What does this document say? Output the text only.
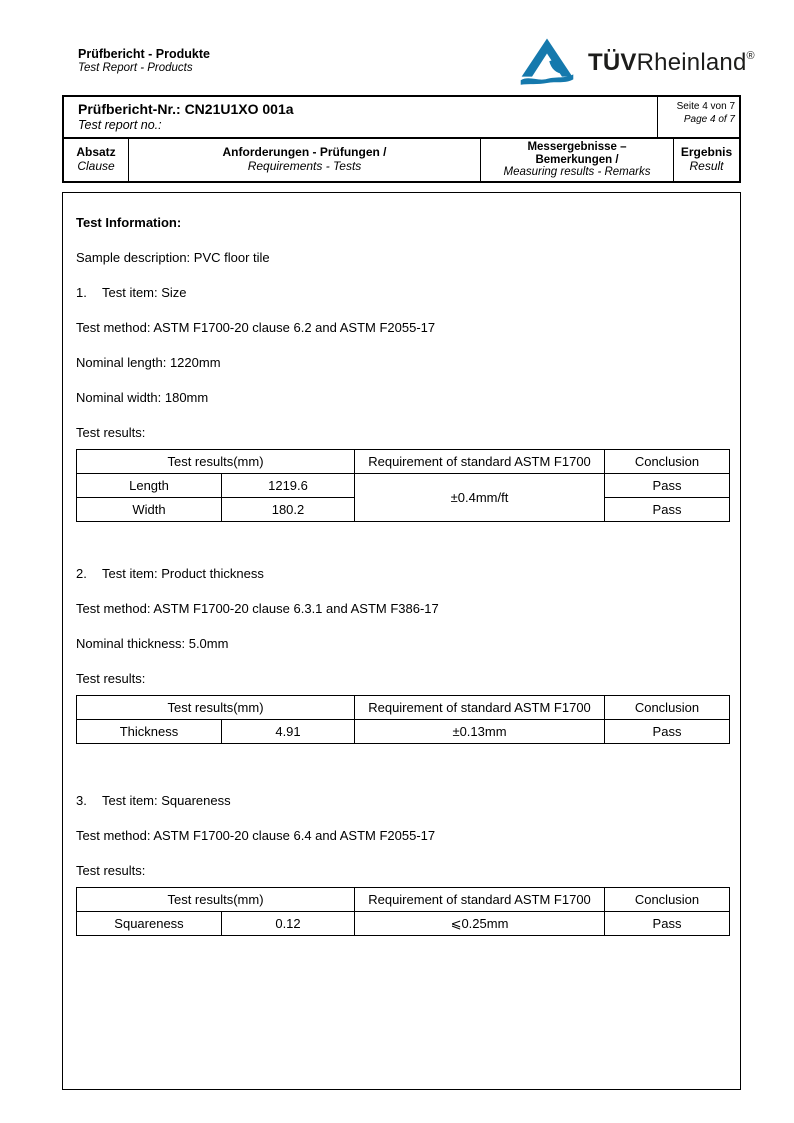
Prüfbericht - Produkte
Test Report - Products	TÜVRheinland®
Prüfbericht-Nr.: CN21U1XO 001a
Test report no.:
Seite 4 von 7
Page 4 of 7
Absatz
Clause
Anforderungen - Prüfungen /
Requirements - Tests
Messergebnisse –
Bemerkungen /
Measuring results - Remarks
Ergebnis
Result

Test Information:

Sample description: PVC floor tile

1. Test item: Size

Test method: ASTM F1700-20 clause 6.2 and ASTM F2055-17

Nominal length: 1220mm

Nominal width: 180mm

Test results:

Test results(mm)		Requirement of standard ASTM F1700	Conclusion
Length	1219.6	±0.4mm/ft	Pass
Width	180.2		Pass

2. Test item: Product thickness

Test method: ASTM F1700-20 clause 6.3.1 and ASTM F386-17

Nominal thickness: 5.0mm

Test results:

Test results(mm)		Requirement of standard ASTM F1700	Conclusion
Thickness	4.91	±0.13mm	Pass

3. Test item: Squareness

Test method: ASTM F1700-20 clause 6.4 and ASTM F2055-17

Test results:

Test results(mm)		Requirement of standard ASTM F1700	Conclusion
Squareness	0.12	⩽0.25mm	Pass
